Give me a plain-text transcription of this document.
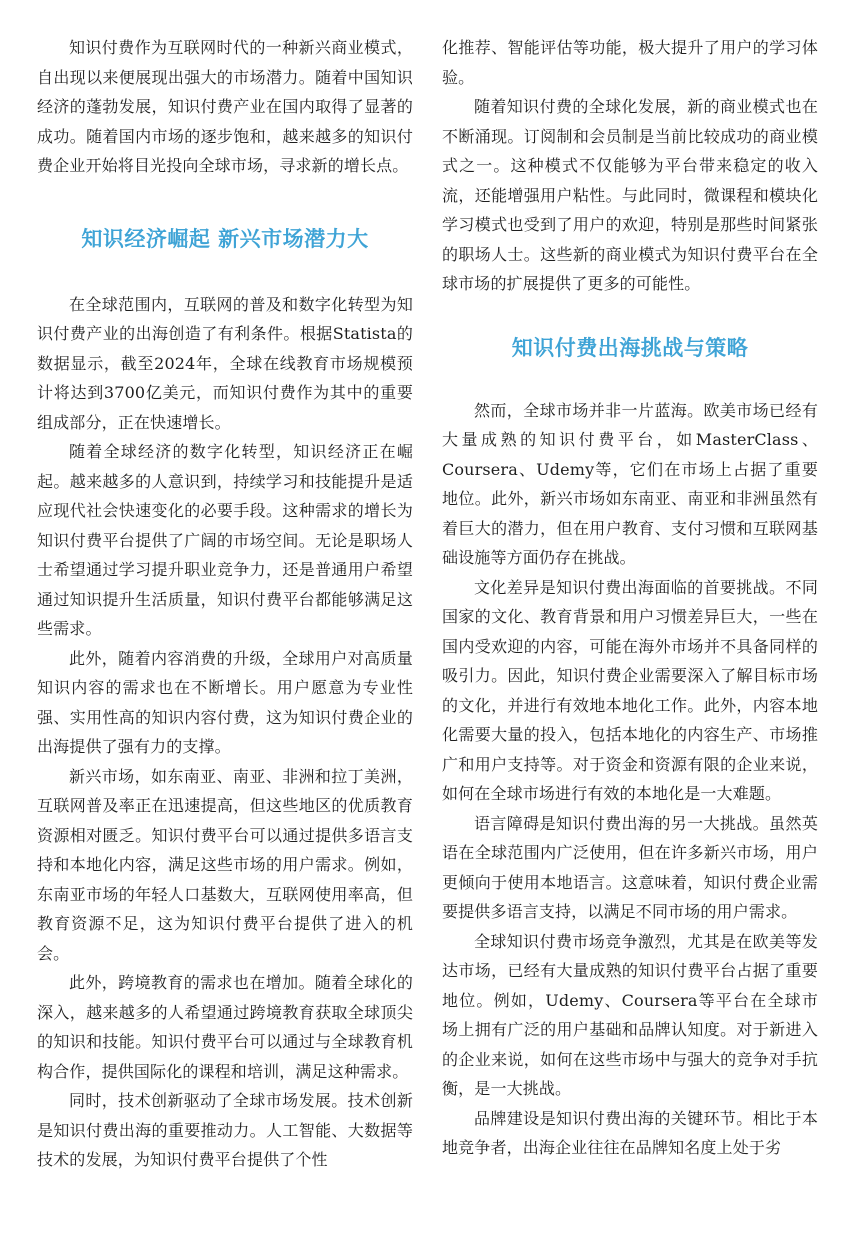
知识付费作为互联网时代的一种新兴商业模式，自出现以来便展现出强大的市场潜力。随着中国知识经济的蓬勃发展，知识付费产业在国内取得了显著的成功。随着国内市场的逐步饱和，越来越多的知识付费企业开始将目光投向全球市场，寻求新的增长点。

知识经济崛起 新兴市场潜力大

在全球范围内，互联网的普及和数字化转型为知识付费产业的出海创造了有利条件。根据Statista的数据显示，截至2024年，全球在线教育市场规模预计将达到3700亿美元，而知识付费作为其中的重要组成部分，正在快速增长。

随着全球经济的数字化转型，知识经济正在崛起。越来越多的人意识到，持续学习和技能提升是适应现代社会快速变化的必要手段。这种需求的增长为知识付费平台提供了广阔的市场空间。无论是职场人士希望通过学习提升职业竞争力，还是普通用户希望通过知识提升生活质量，知识付费平台都能够满足这些需求。

此外，随着内容消费的升级，全球用户对高质量知识内容的需求也在不断增长。用户愿意为专业性强、实用性高的知识内容付费，这为知识付费企业的出海提供了强有力的支撑。

新兴市场，如东南亚、南亚、非洲和拉丁美洲，互联网普及率正在迅速提高，但这些地区的优质教育资源相对匮乏。知识付费平台可以通过提供多语言支持和本地化内容，满足这些市场的用户需求。例如，东南亚市场的年轻人口基数大，互联网使用率高，但教育资源不足，这为知识付费平台提供了进入的机会。

此外，跨境教育的需求也在增加。随着全球化的深入，越来越多的人希望通过跨境教育获取全球顶尖的知识和技能。知识付费平台可以通过与全球教育机构合作，提供国际化的课程和培训，满足这种需求。

同时，技术创新驱动了全球市场发展。技术创新是知识付费出海的重要推动力。人工智能、大数据等技术的发展，为知识付费平台提供了个性

化推荐、智能评估等功能，极大提升了用户的学习体验。

随着知识付费的全球化发展，新的商业模式也在不断涌现。订阅制和会员制是当前比较成功的商业模式之一。这种模式不仅能够为平台带来稳定的收入流，还能增强用户粘性。与此同时，微课程和模块化学习模式也受到了用户的欢迎，特别是那些时间紧张的职场人士。这些新的商业模式为知识付费平台在全球市场的扩展提供了更多的可能性。

知识付费出海挑战与策略

然而，全球市场并非一片蓝海。欧美市场已经有大量成熟的知识付费平台，如MasterClass、Coursera、Udemy等，它们在市场上占据了重要地位。此外，新兴市场如东南亚、南亚和非洲虽然有着巨大的潜力，但在用户教育、支付习惯和互联网基础设施等方面仍存在挑战。

文化差异是知识付费出海面临的首要挑战。不同国家的文化、教育背景和用户习惯差异巨大，一些在国内受欢迎的内容，可能在海外市场并不具备同样的吸引力。因此，知识付费企业需要深入了解目标市场的文化，并进行有效地本地化工作。此外，内容本地化需要大量的投入，包括本地化的内容生产、市场推广和用户支持等。对于资金和资源有限的企业来说，如何在全球市场进行有效的本地化是一大难题。

语言障碍是知识付费出海的另一大挑战。虽然英语在全球范围内广泛使用，但在许多新兴市场，用户更倾向于使用本地语言。这意味着，知识付费企业需要提供多语言支持，以满足不同市场的用户需求。

全球知识付费市场竞争激烈，尤其是在欧美等发达市场，已经有大量成熟的知识付费平台占据了重要地位。例如，Udemy、Coursera等平台在全球市场上拥有广泛的用户基础和品牌认知度。对于新进入的企业来说，如何在这些市场中与强大的竞争对手抗衡，是一大挑战。

品牌建设是知识付费出海的关键环节。相比于本地竞争者，出海企业往往在品牌知名度上处于劣
